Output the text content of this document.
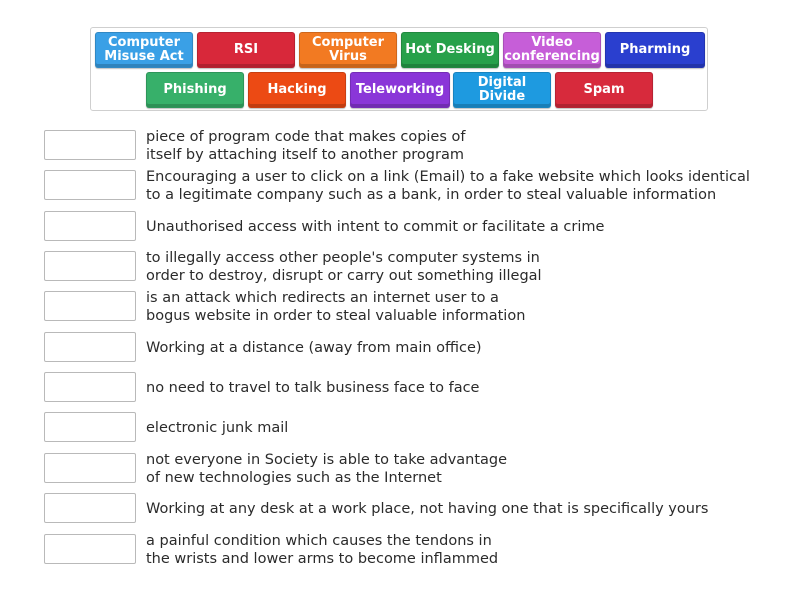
Computer
Misuse Act	RSI	Computer
Virus	Hot Desking	Video
conferencing	Pharming
Phishing	Hacking	Teleworking	Digital Divide	Spam
piece of program code that makes copies of
itself by attaching itself to another program
Encouraging a user to click on a link (Email) to a fake website which looks identical
to a legitimate company such as a bank, in order to steal valuable information
Unauthorised access with intent to commit or facilitate a crime
to illegally access other people's computer systems in
order to destroy, disrupt or carry out something illegal
is an attack which redirects an internet user to a
bogus website in order to steal valuable information
Working at a distance (away from main office)
no need to travel to talk business face to face
electronic junk mail
not everyone in Society is able to take advantage
of new technologies such as the Internet
Working at any desk at a work place, not having one that is specifically yours
a painful condition which causes the tendons in
the wrists and lower arms to become inflammed
